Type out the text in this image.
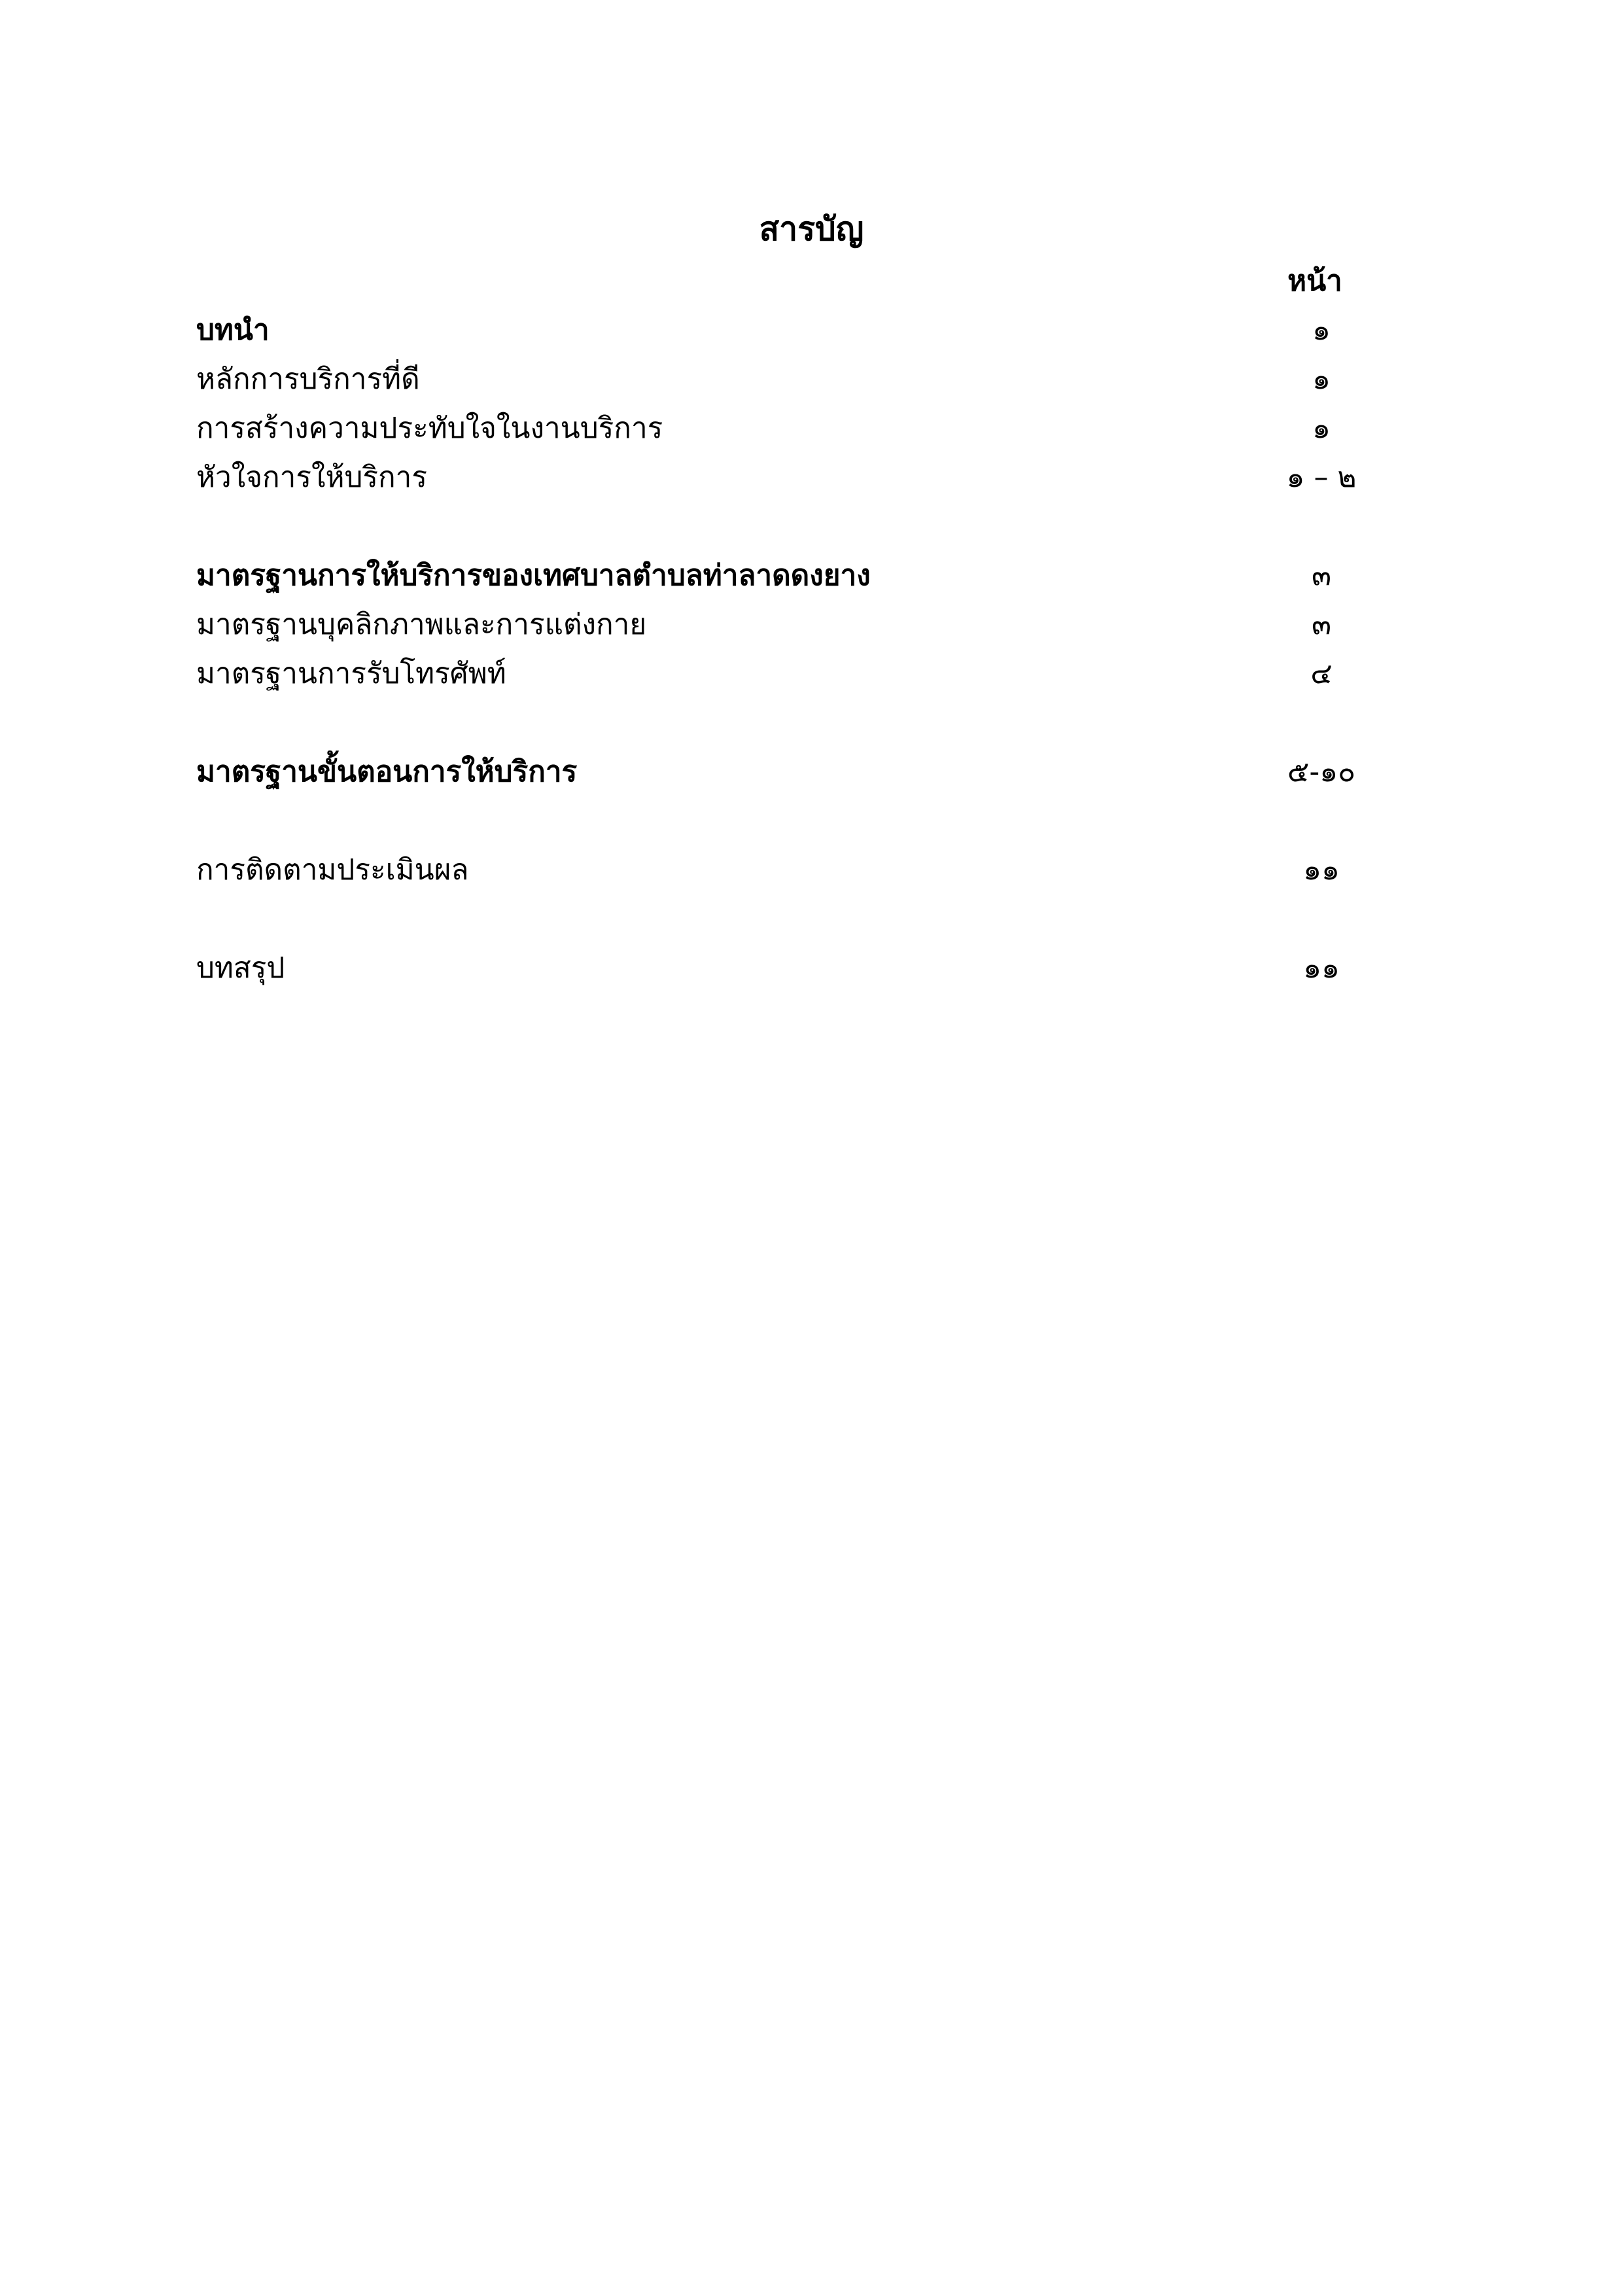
สารบัญ
หน้า
บทนำ	๑
หลักการบริการที่ดี	๑
การสร้างความประทับใจในงานบริการ	๑
หัวใจการให้บริการ	๑ – ๒
มาตรฐานการให้บริการของเทศบาลตำบลท่าลาดดงยาง	๓
มาตรฐานบุคลิกภาพและการแต่งกาย	๓
มาตรฐานการรับโทรศัพท์	๔
มาตรฐานขั้นตอนการให้บริการ	๕-๑๐
การติดตามประเมินผล	๑๑
บทสรุป	๑๑
